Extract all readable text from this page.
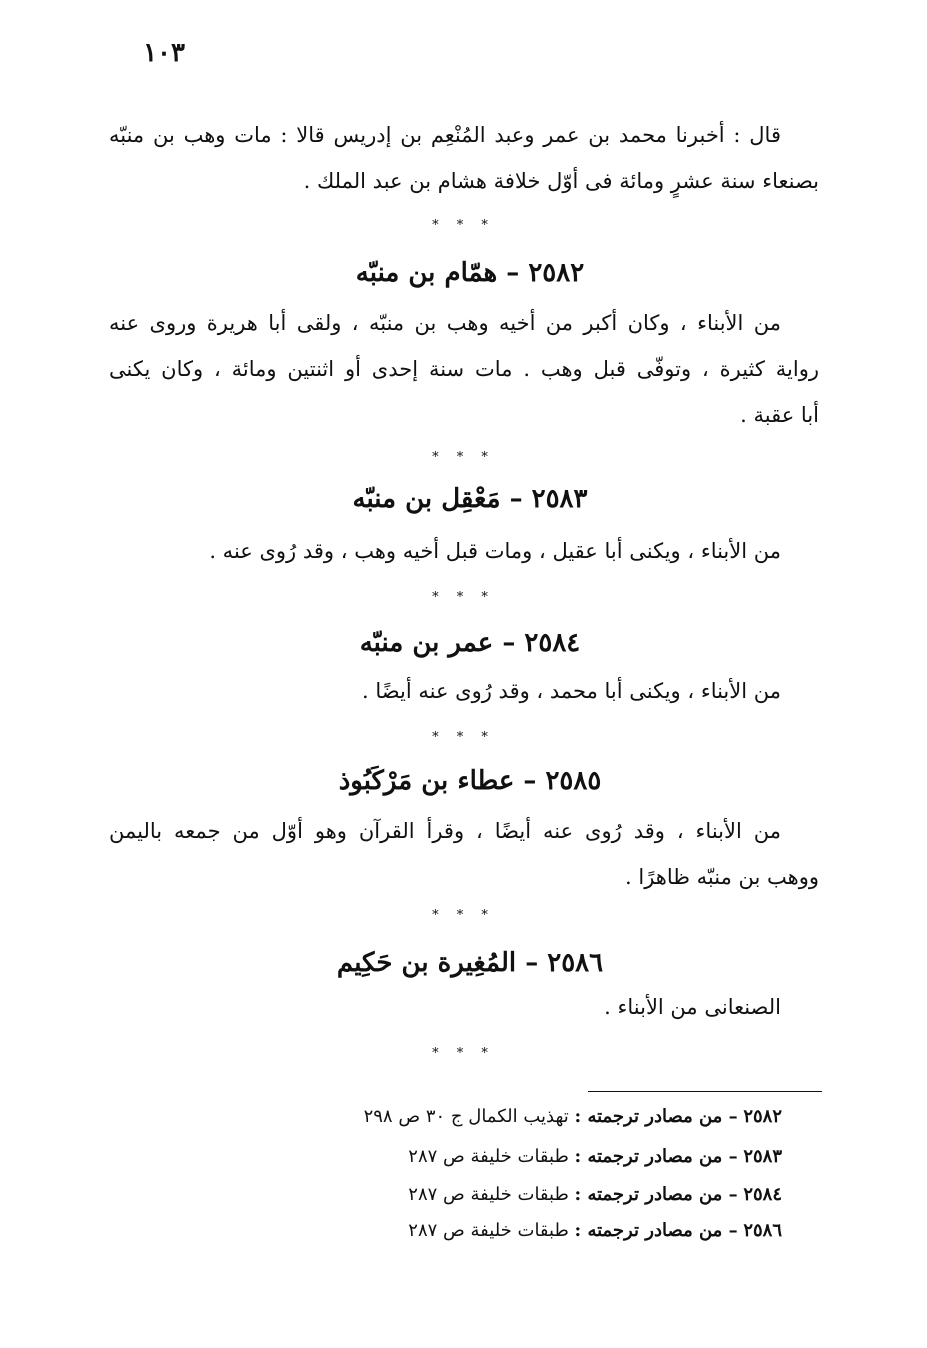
١٠٣
قال : أخبرنا محمد بن عمر وعبد المُنْعِم بن إدريس قالا : مات وهب بن منبّه
بصنعاء سنة عشرٍ ومائة فى أوّل خلافة هشام بن عبد الملك .
* * *
٢٥٨٢ – همّام بن منبّه
من الأبناء ، وكان أكبر من أخيه وهب بن منبّه ، ولقى أبا هريرة وروى عنه
رواية كثيرة ، وتوفّى قبل وهب . مات سنة إحدى أو اثنتين ومائة ، وكان يكنى
أبا عقبة .
* * *
٢٥٨٣ – مَعْقِل بن منبّه
من الأبناء ، ويكنى أبا عقيل ، ومات قبل أخيه وهب ، وقد رُوى عنه .
* * *
٢٥٨٤ – عمر بن منبّه
من الأبناء ، ويكنى أبا محمد ، وقد رُوى عنه أيضًا .
* * *
٢٥٨٥ – عطاء بن مَرْكَبُوذ
من الأبناء ، وقد رُوى عنه أيضًا ، وقرأ القرآن وهو أوّل من جمعه باليمن
ووهب بن منبّه ظاهرًا .
* * *
٢٥٨٦ – المُغِيرة بن حَكِيم
الصنعانى من الأبناء .
* * *
٢٥٨٢ – من مصادر ترجمته : تهذيب الكمال ج ٣٠ ص ٢٩٨
٢٥٨٣ – من مصادر ترجمته : طبقات خليفة ص ٢٨٧
٢٥٨٤ – من مصادر ترجمته : طبقات خليفة ص ٢٨٧
٢٥٨٦ – من مصادر ترجمته : طبقات خليفة ص ٢٨٧
